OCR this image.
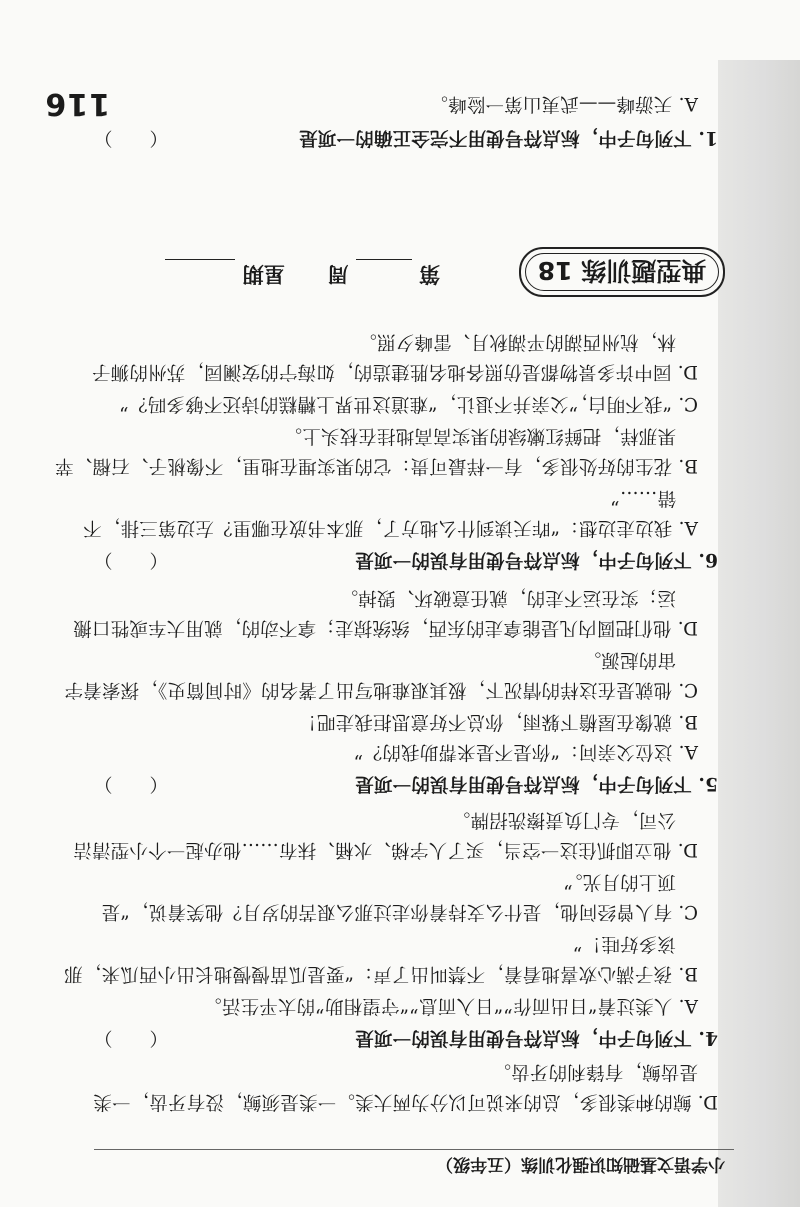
小学语文基础知识强化训练（五年级）
116
D. 鲸的种类很多，总的来说可以分为两大类。一类是须鲸，没有牙齿，一类
是齿鲸，有锋利的牙齿。
4. 下列句子中，标点符号使用有误的一项是
（　　）
A. 人类过着“日出而作”“日入而息”“守望相助”的太平生活。
B. 孩子满心欢喜地看着，不禁叫出了声：“要是瓜苗慢慢地长出小西瓜来，那
该多好哇！”
C. 有人曾经问他，是什么支持着你走过那么艰苦的岁月？他笑着说，“是
顶上的月光。”
D. 他立即抓住这一空当，买了人字梯、水桶、抹布……他办起一个小型清洁
公司，专门负责擦洗招牌。
5. 下列句子中，标点符号使用有误的一项是
（　　）
A. 这位父亲问：“你是不是来帮助我的？”
B. 就像在屋檐下躲雨，你总不好意思拒我走吧！
C. 他就是在这样的情况下，极其艰难地写出了著名的《时间简史》，探索着宇
宙的起源。
D. 他们把圆内凡是能拿走的东西，统统掠走；拿不动的，就用大车或牲口搬
运；实在运不走的，就任意破坏、毁掉。
6. 下列句子中，标点符号使用有误的一项是
（　　）
A. 我边走边想：“昨天读到什么地方了，那本书放在哪里？左边第三排，不
错……”
B. 花生的好处很多，有一样最可贵：它的果实埋在地里，不像桃子、石榴、苹
果那样，把鲜红嫩绿的果实高高地挂在枝头上。
C. “我不明白，”父亲并不退让，“难道这世界上糟糕的诗还不够多吗？”
D. 园中许多景物都是仿照各地名胜建造的，如海宁的安澜园，苏州的狮子
林，杭州西湖的平湖秋月、雷峰夕照。
典型题训练 18
第  周  星期
1. 下列句子中，标点符号使用不完全正确的一项是
（　　）
A. 天游峰——武夷山第一险峰。
